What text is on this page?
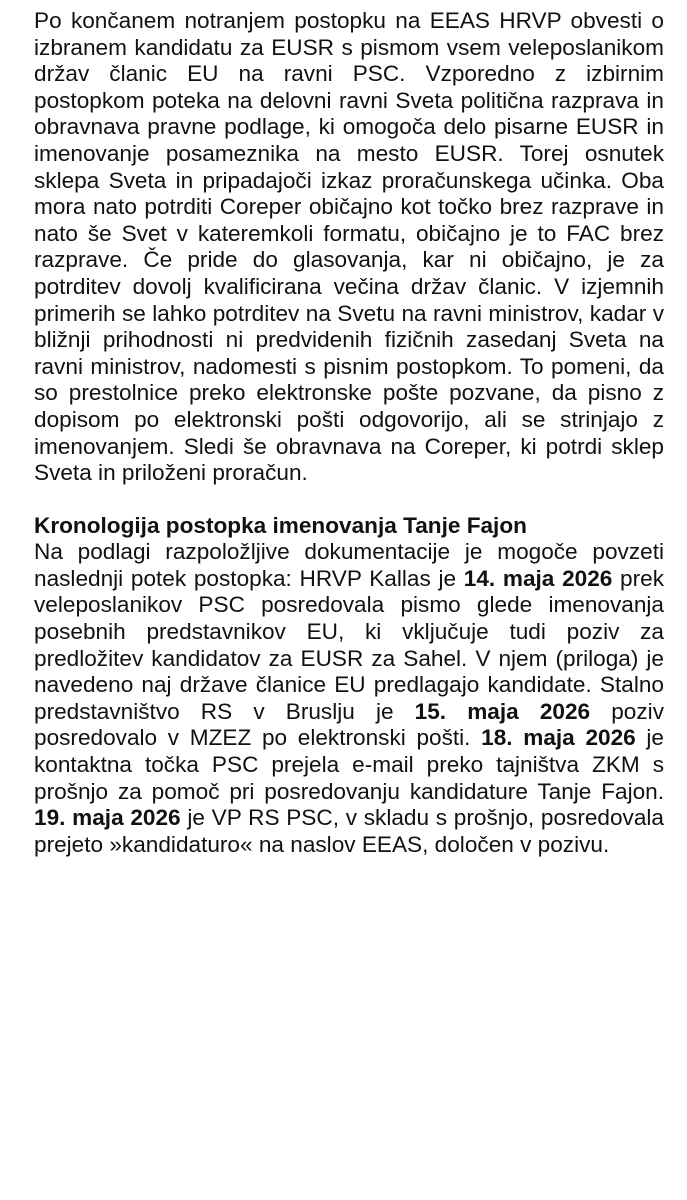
Po končanem notranjem postopku na EEAS HRVP obvesti o izbranem kandidatu za EUSR s pismom vsem veleposlanikom držav članic EU na ravni PSC. Vzporedno z izbirnim postopkom poteka na delovni ravni Sveta politična razprava in obravnava pravne podlage, ki omogoča delo pisarne EUSR in imenovanje posameznika na mesto EUSR. Torej osnutek sklepa Sveta in pripadajoči izkaz proračunskega učinka. Oba mora nato potrditi Coreper običajno kot točko brez razprave in nato še Svet v kateremkoli formatu, običajno je to FAC brez razprave. Če pride do glasovanja, kar ni običajno, je za potrditev dovolj kvalificirana večina držav članic. V izjemnih primerih se lahko potrditev na Svetu na ravni ministrov, kadar v bližnji prihodnosti ni predvidenih fizičnih zasedanj Sveta na ravni ministrov, nadomesti s pisnim postopkom. To pomeni, da so prestolnice preko elektronske pošte pozvane, da pisno z dopisom po elektronski pošti odgovorijo, ali se strinjajo z imenovanjem. Sledi še obravnava na Coreper, ki potrdi sklep Sveta in priloženi proračun.

Kronologija postopka imenovanja Tanje Fajon

Na podlagi razpoložljive dokumentacije je mogoče povzeti naslednji potek postopka: HRVP Kallas je 14. maja 2026 prek veleposlanikov PSC posredovala pismo glede imenovanja posebnih predstavnikov EU, ki vključuje tudi poziv za predložitev kandidatov za EUSR za Sahel. V njem (priloga) je navedeno naj države članice EU predlagajo kandidate. Stalno predstavništvo RS v Bruslju je 15. maja 2026 poziv posredovalo v MZEZ po elektronski pošti. 18. maja 2026 je kontaktna točka PSC prejela e-mail preko tajništva ZKM s prošnjo za pomoč pri posredovanju kandidature Tanje Fajon. 19. maja 2026 je VP RS PSC, v skladu s prošnjo, posredovala prejeto »kandidaturo« na naslov EEAS, določen v pozivu.
